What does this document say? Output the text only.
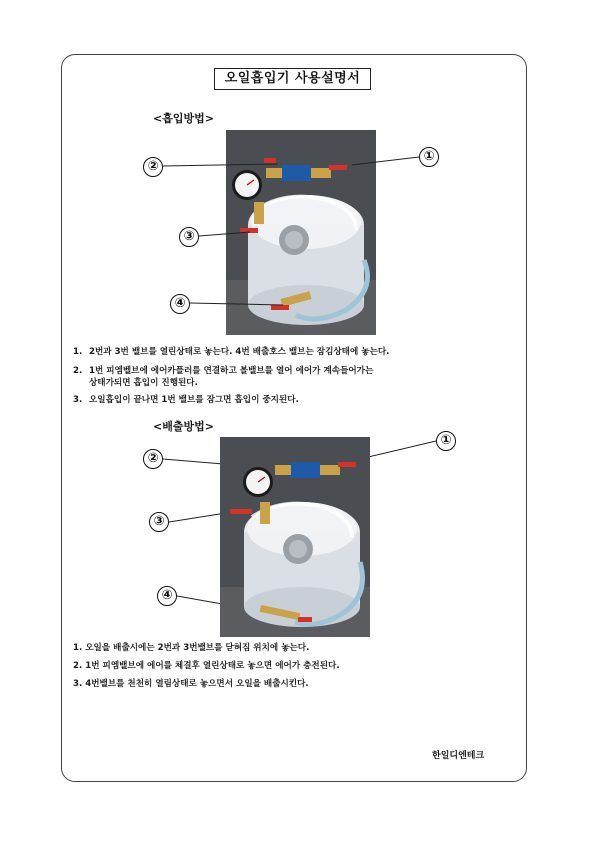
오일흡입기 사용설명서
<흡입방법>
①
②
③
④
1. 2번과 3번 밸브를 열린상태로 놓는다. 4번 배출호스 밸브는 잠김상태에 놓는다.
2. 1번 피엠벨브에 에어카플러를 연결하고 볼밸브를 열어 에어가 계속들어가는
상태가되면 흡입이 진행된다.
3. 오일흡입이 끝나면 1번 밸브를 잠그면 흡입이 중지된다.
<배출방법>
①
②
③
④
1. 오일을 배출시에는 2번과 3번밸브를 닫혀짐 위치에 놓는다.
2. 1번 피엠밸브에 에어를 체결후 열린상태로 놓으면 에어가 충전된다.
3. 4번밸브를 천천히 열림상태로 놓으면서 오일을 배출시킨다.
한일디엔테크
